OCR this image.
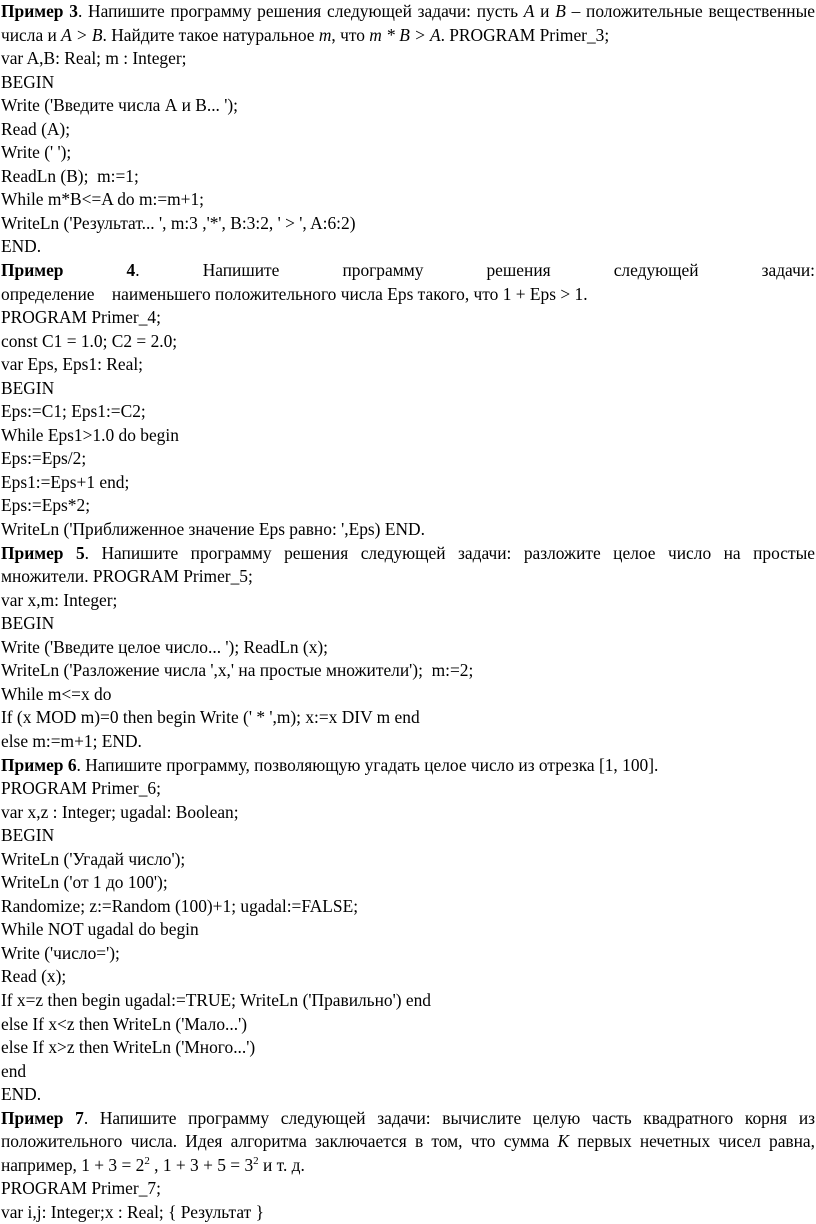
Пример 3. Напишите программу решения следующей задачи: пусть A и B – положительные вещественные числа и A > B. Найдите такое натуральное m, что m * B > A. PROGRAM Primer_3;
var A,B: Real; m : Integer;
BEGIN
Write ('Введите числа А и В... ');
Read (A);
Write (' ');
ReadLn (B);  m:=1;
While m*B<=A do m:=m+1;
WriteLn ('Результат... ', m:3 ,'*', B:3:2, ' > ', A:6:2)
END.
Пример	4.	Напишите	программу	решения	следующей	задачи:
определение наименьшего положительного числа Eps такого, что 1 + Eps > 1.
PROGRAM Primer_4;
const C1 = 1.0; C2 = 2.0;
var Eps, Eps1: Real;
BEGIN
Eps:=C1; Eps1:=C2;
While Eps1>1.0 do begin
Eps:=Eps/2;
Eps1:=Eps+1 end;
Eps:=Eps*2;
WriteLn ('Приближенное значение Eps равно: ',Eps) END.
Пример 5. Напишите программу решения следующей задачи: разложите целое число на простые множители. PROGRAM Primer_5;
var x,m: Integer;
BEGIN
Write ('Введите целое число... '); ReadLn (x);
WriteLn ('Разложение числа ',x,' на простые множители');  m:=2;
While m<=x do
If (x MOD m)=0 then begin Write (' * ',m); x:=x DIV m end
else m:=m+1; END.
Пример 6. Напишите программу, позволяющую угадать целое число из отрезка [1, 100].
PROGRAM Primer_6;
var x,z : Integer; ugadal: Boolean;
BEGIN
WriteLn ('Угадай число');
WriteLn ('от 1 до 100');
Randomize; z:=Random (100)+1; ugadal:=FALSE;
While NOT ugadal do begin
Write ('число=');
Read (x);
If x=z then begin ugadal:=TRUE; WriteLn ('Правильно') end
else If x<z then WriteLn ('Мало...')
else If x>z then WriteLn ('Много...')
end
END.
Пример 7. Напишите программу следующей задачи: вычислите целую часть квадратного корня из положительного числа. Идея алгоритма заключается в том, что сумма K первых нечетных чисел равна, например, $1 + 3 = 2^2$ , $1 + 3 + 5 = 3^2$ и т. д.
PROGRAM Primer_7;
var i,j: Integer;x : Real; { Результат }
